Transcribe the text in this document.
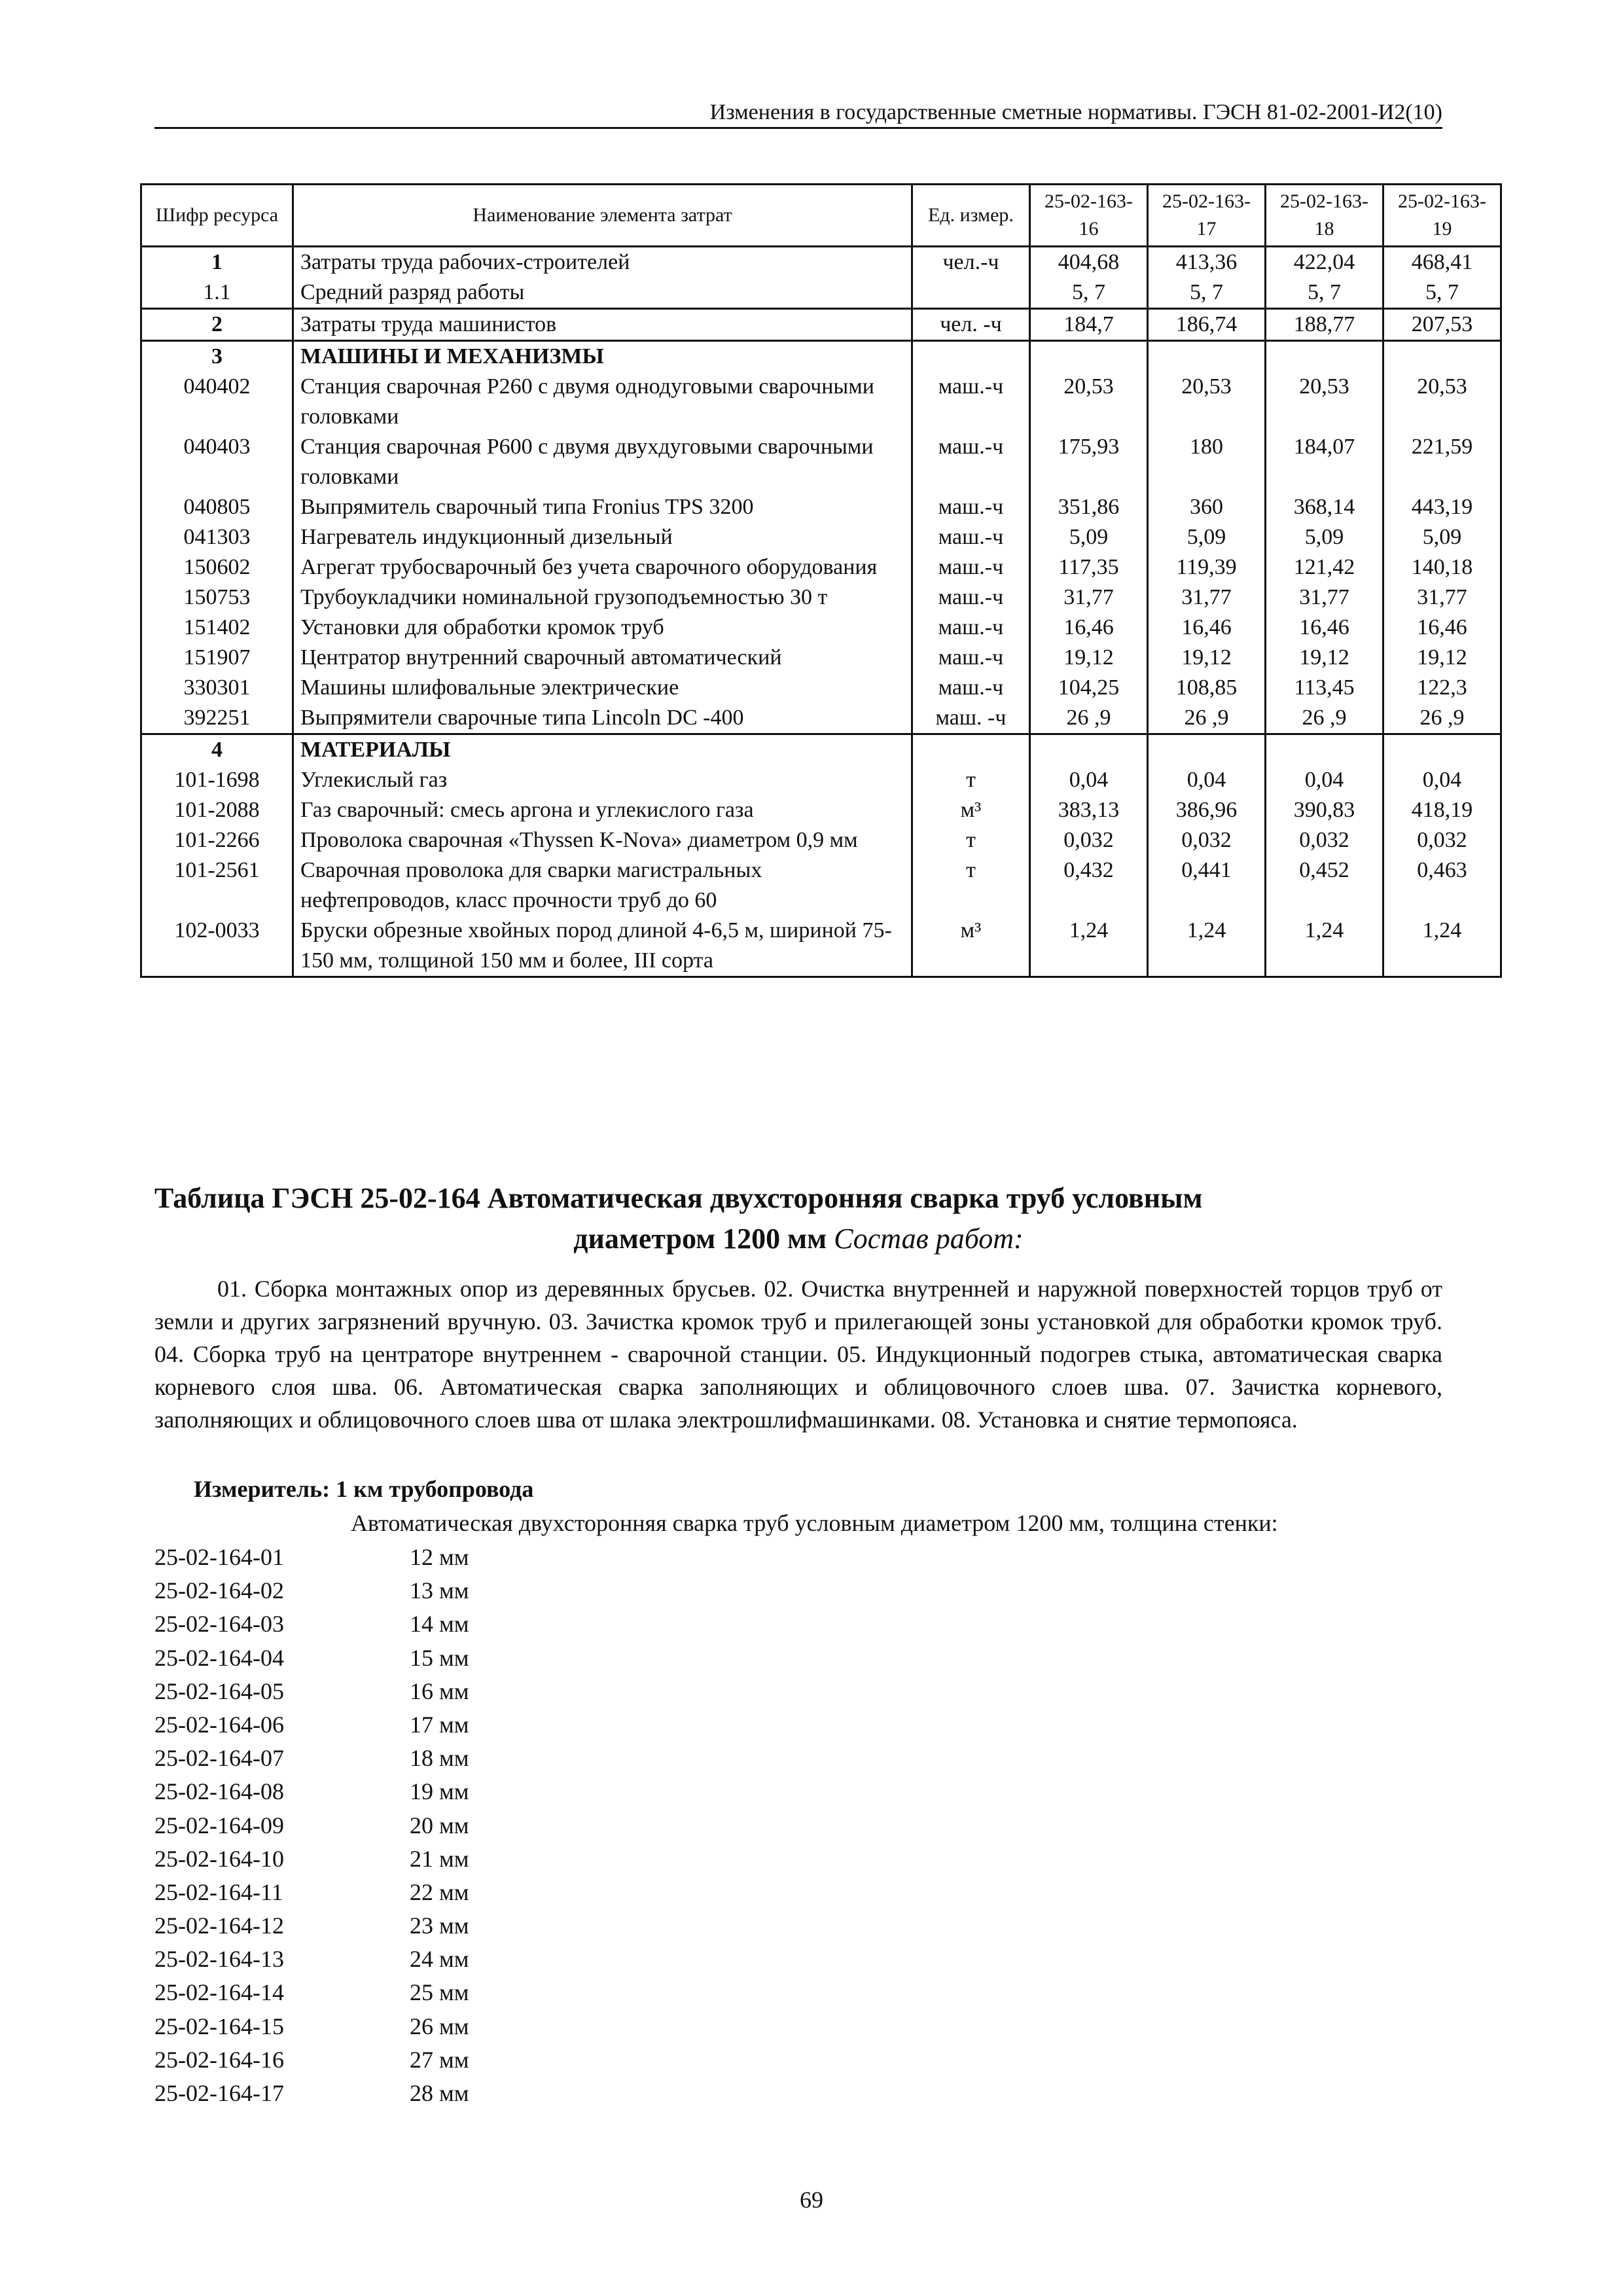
Изменения в государственные сметные нормативы. ГЭСН 81-02-2001-И2(10)
Шифр ресурса	Наименование элемента затрат	Ед. измер.	25-02-163-16	25-02-163-17	25-02-163-18	25-02-163-19
1	Затраты труда рабочих-строителей	чел.-ч	404,68	413,36	422,04	468,41
1.1	Средний разряд работы		5, 7	5, 7	5, 7	5, 7
2	Затраты труда машинистов	чел. -ч	184,7	186,74	188,77	207,53
3	МАШИНЫ И МЕХАНИЗМЫ					
040402	Станция сварочная Р260 с двумя однодуговыми сварочными головками	маш.-ч	20,53	20,53	20,53	20,53
040403	Станция сварочная Р600 с двумя двухдуговыми сварочными головками	маш.-ч	175,93	180	184,07	221,59
040805	Выпрямитель сварочный типа Fronius TPS 3200	маш.-ч	351,86	360	368,14	443,19
041303	Нагреватель индукционный дизельный	маш.-ч	5,09	5,09	5,09	5,09
150602	Агрегат трубосварочный без учета сварочного оборудования	маш.-ч	117,35	119,39	121,42	140,18
150753	Трубоукладчики номинальной грузоподъемностью 30 т	маш.-ч	31,77	31,77	31,77	31,77
151402	Установки для обработки кромок труб	маш.-ч	16,46	16,46	16,46	16,46
151907	Центратор внутренний сварочный автоматический	маш.-ч	19,12	19,12	19,12	19,12
330301	Машины шлифовальные электрические	маш.-ч	104,25	108,85	113,45	122,3
392251	Выпрямители сварочные типа Lincoln DC -400	маш. -ч	26 ,9	26 ,9	26 ,9	26 ,9
4	МАТЕРИАЛЫ					
101-1698	Углекислый газ	т	0,04	0,04	0,04	0,04
101-2088	Газ сварочный: смесь аргона и углекислого газа	м³	383,13	386,96	390,83	418,19
101-2266	Проволока сварочная «Thyssen K-Nova» диаметром 0,9 мм	т	0,032	0,032	0,032	0,032
101-2561	Сварочная проволока для сварки магистральных нефтепроводов, класс прочности труб до 60	т	0,432	0,441	0,452	0,463
102-0033	Бруски обрезные хвойных пород длиной 4-6,5 м, шириной 75-150 мм, толщиной 150 мм и более, III сорта	м³	1,24	1,24	1,24	1,24
Таблица ГЭСН 25-02-164 Автоматическая двухсторонняя сварка труб условным
диаметром 1200 мм Состав работ:
01. Сборка монтажных опор из деревянных брусьев. 02. Очистка внутренней и наружной поверхностей торцов труб от земли и других загрязнений вручную. 03. Зачистка кромок труб и прилегающей зоны установкой для обработки кромок труб. 04. Сборка труб на центраторе внутреннем - сварочной станции. 05. Индукционный подогрев стыка, автоматическая сварка корневого слоя шва. 06. Автоматическая сварка заполняющих и облицовочного слоев шва. 07. Зачистка корневого, заполняющих и облицовочного слоев шва от шлака электрошлифмашинками. 08. Установка и снятие термопояса.
Измеритель: 1 км трубопровода
Автоматическая двухсторонняя сварка труб условным диаметром 1200 мм, толщина стенки:
25-02-164-01	12 мм
25-02-164-02	13 мм
25-02-164-03	14 мм
25-02-164-04	15 мм
25-02-164-05	16 мм
25-02-164-06	17 мм
25-02-164-07	18 мм
25-02-164-08	19 мм
25-02-164-09	20 мм
25-02-164-10	21 мм
25-02-164-11	22 мм
25-02-164-12	23 мм
25-02-164-13	24 мм
25-02-164-14	25 мм
25-02-164-15	26 мм
25-02-164-16	27 мм
25-02-164-17	28 мм
69
